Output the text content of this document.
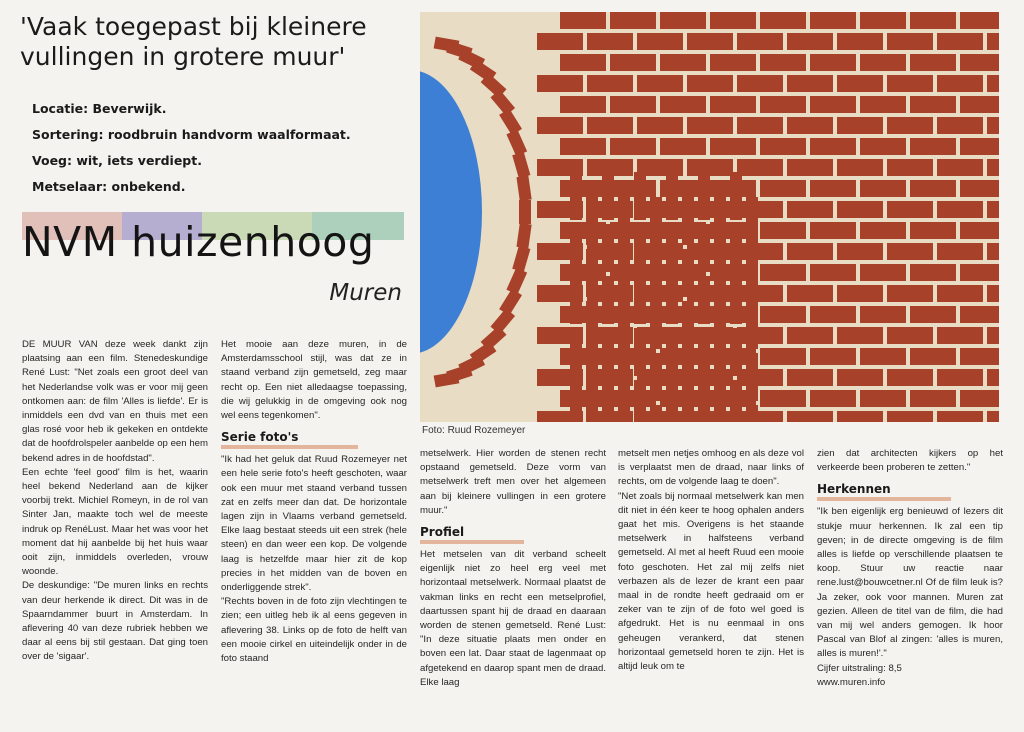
'Vaak toegepast bij kleinere vullingen in grotere muur'
Locatie: Beverwijk.
Sortering: roodbruin handvorm waalformaat.
Voeg: wit, iets verdiept.
Metselaar: onbekend.
NVM huizenhoog
Muren
Foto: Ruud Rozemeyer

DE MUUR VAN deze week dankt zijn plaatsing aan een film. Stenedeskundige René Lust: "Net zoals een groot deel van het Nederlandse volk was er voor mij geen ontkomen aan: de film 'Alles is liefde'. Er is inmiddels een dvd van en thuis met een glas rosé voor heb ik gekeken en ontdekte dat de hoofdrolspeler aanbelde op een hem bekend adres in de hoofdstad".

Een echte 'feel good' film is het, waarin heel bekend Nederland aan de kijker voorbij trekt. Michiel Romeyn, in de rol van Sinter Jan, maakte toch wel de meeste indruk op RenéLust. Maar het was voor het moment dat hij aanbelde bij het huis waar ooit zijn, inmiddels overleden, vrouw woonde.

De deskundige: "De muren links en rechts van deur herkende ik direct. Dit was in de Spaarndammer buurt in Amsterdam. In aflevering 40 van deze rubriek hebben we daar al eens bij stil gestaan. Dat ging toen over de 'sigaar'.

Het mooie aan deze muren, in de Amsterdamsschool stijl, was dat ze in staand verband zijn gemetseld, zeg maar recht op. Een niet alledaagse toepassing, die wij gelukkig in de omgeving ook nog wel eens tegenkomen".

Serie foto's

"Ik had het geluk dat Ruud Rozemeyer net een hele serie foto's heeft geschoten, waar ook een muur met staand verband tussen zat en zelfs meer dan dat. De horizontale lagen zijn in Vlaams verband gemetseld. Elke laag bestaat steeds uit een strek (hele steen) en dan weer een kop. De volgende laag is hetzelfde maar hier zit de kop precies in het midden van de boven en onderliggende strek".

"Rechts boven in de foto zijn vlechtingen te zien; een uitleg heb ik al eens gegeven in aflevering 38. Links op de foto de helft van een mooie cirkel en uiteindelijk onder in de foto staand

metselwerk. Hier worden de stenen recht opstaand gemetseld. Deze vorm van metselwerk treft men over het algemeen aan bij kleinere vullingen in een grotere muur."

Profiel

Het metselen van dit verband scheelt eigenlijk niet zo heel erg veel met horizontaal metselwerk. Normaal plaatst de vakman links en recht een metselprofiel, daartussen spant hij de draad en daaraan worden de stenen gemetseld. René Lust: "In deze situatie plaats men onder en boven een lat. Daar staat de lagenmaat op afgetekend en daarop spant men de draad. Elke laag

metselt men netjes omhoog en als deze vol is verplaatst men de draad, naar links of rechts, om de volgende laag te doen".

"Net zoals bij normaal metselwerk kan men dit niet in één keer te hoog ophalen anders gaat het mis. Overigens is het staande metselwerk in halfsteens verband gemetseld. Al met al heeft Ruud een mooie foto geschoten. Het zal mij zelfs niet verbazen als de lezer de krant een paar maal in de rondte heeft gedraaid om er zeker van te zijn of de foto wel goed is afgedrukt. Het is nu eenmaal in ons geheugen verankerd, dat stenen horizontaal gemetseld horen te zijn. Het is altijd leuk om te

zien dat architecten kijkers op het verkeerde been proberen te zetten."

Herkennen

"Ik ben eigenlijk erg benieuwd of lezers dit stukje muur herkennen. Ik zal een tip geven; in de directe omgeving is de film alles is liefde op verschillende plaatsen te koop. Stuur uw reactie naar rene.lust@bouwcetner.nl Of de film leuk is? Ja zeker, ook voor mannen. Muren zat gezien. Alleen de titel van de film, die had van mij wel anders gemogen. Ik hoor Pascal van Blof al zingen: 'alles is muren, alles is muren!'."

Cijfer uitstraling: 8,5

www.muren.info
